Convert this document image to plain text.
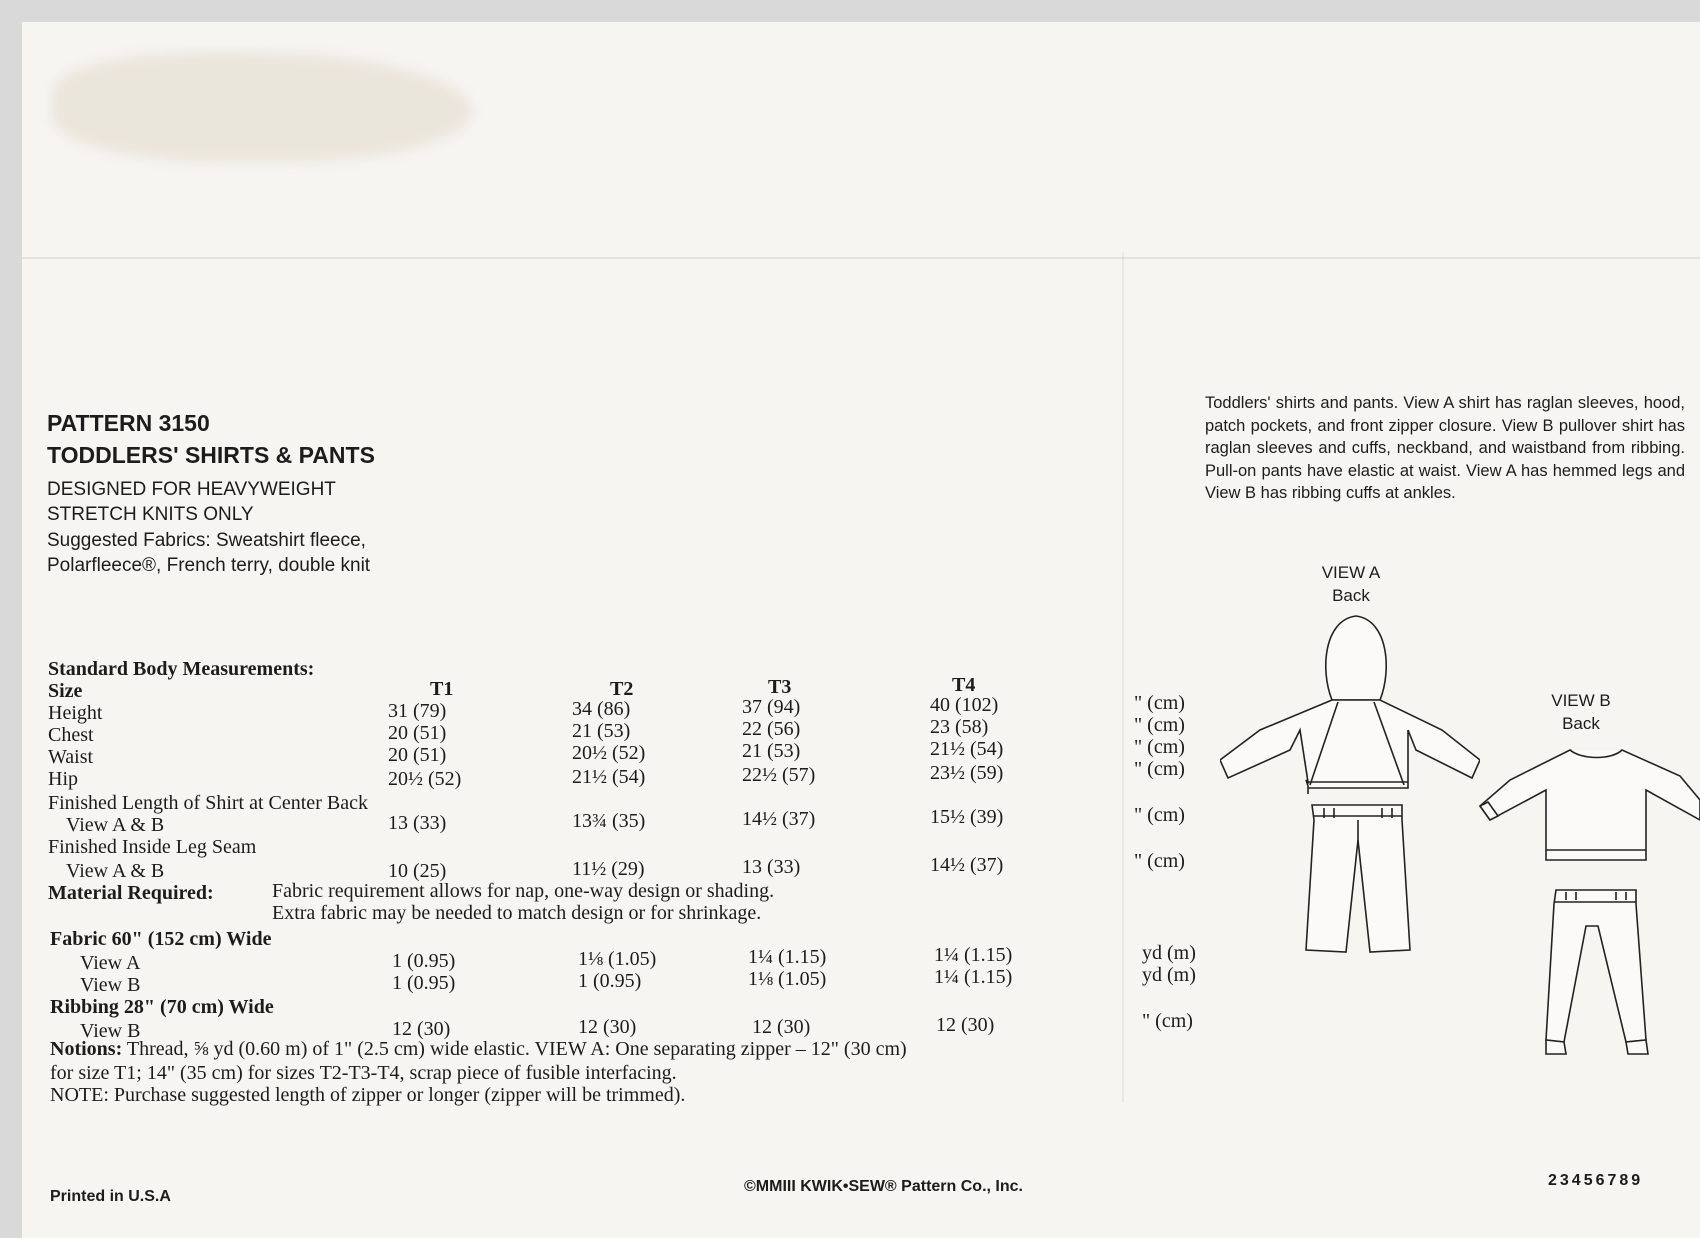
PATTERN 3150
TODDLERS' SHIRTS & PANTS
DESIGNED FOR HEAVYWEIGHT
STRETCH KNITS ONLY
Suggested Fabrics: Sweatshirt fleece,
Polarfleece®, French terry, double knit
Standard Body Measurements:
Size	T1	T2	T3	T4
Height	31 (79)	34 (86)	37 (94)	40 (102)	" (cm)
Chest	20 (51)	21 (53)	22 (56)	23 (58)	" (cm)
Waist	20 (51)	20½ (52)	21 (53)	21½ (54)	" (cm)
Hip	20½ (52)	21½ (54)	22½ (57)	23½ (59)	" (cm)
Finished Length of Shirt at Center Back
View A & B	13 (33)	13¾ (35)	14½ (37)	15½ (39)	" (cm)
Finished Inside Leg Seam
View A & B	10 (25)	11½ (29)	13 (33)	14½ (37)	" (cm)
Material Required:	Fabric requirement allows for nap, one-way design or shading.
Extra fabric may be needed to match design or for shrinkage.
Fabric 60" (152 cm) Wide
View A	1 (0.95)	1⅛ (1.05)	1¼ (1.15)	1¼ (1.15)	yd (m)
View B	1 (0.95)	1 (0.95)	1⅛ (1.05)	1¼ (1.15)	yd (m)
Ribbing 28" (70 cm) Wide
View B	12 (30)	12 (30)	12 (30)	12 (30)	" (cm)
Notions: Thread, ⅝ yd (0.60 m) of 1" (2.5 cm) wide elastic. VIEW A: One separating zipper – 12" (30 cm)
for size T1; 14" (35 cm) for sizes T2-T3-T4, scrap piece of fusible interfacing.
NOTE: Purchase suggested length of zipper or longer (zipper will be trimmed).
Toddlers' shirts and pants. View A shirt has raglan sleeves, hood, patch pockets, and front zipper closure. View B pullover shirt has raglan sleeves and cuffs, neckband, and waistband from ribbing. Pull-on pants have elastic at waist. View A has hemmed legs and View B has ribbing cuffs at ankles.
VIEW A
Back
VIEW B
Back
Printed in U.S.A
©MMIII KWIK•SEW® Pattern Co., Inc.	23456789
